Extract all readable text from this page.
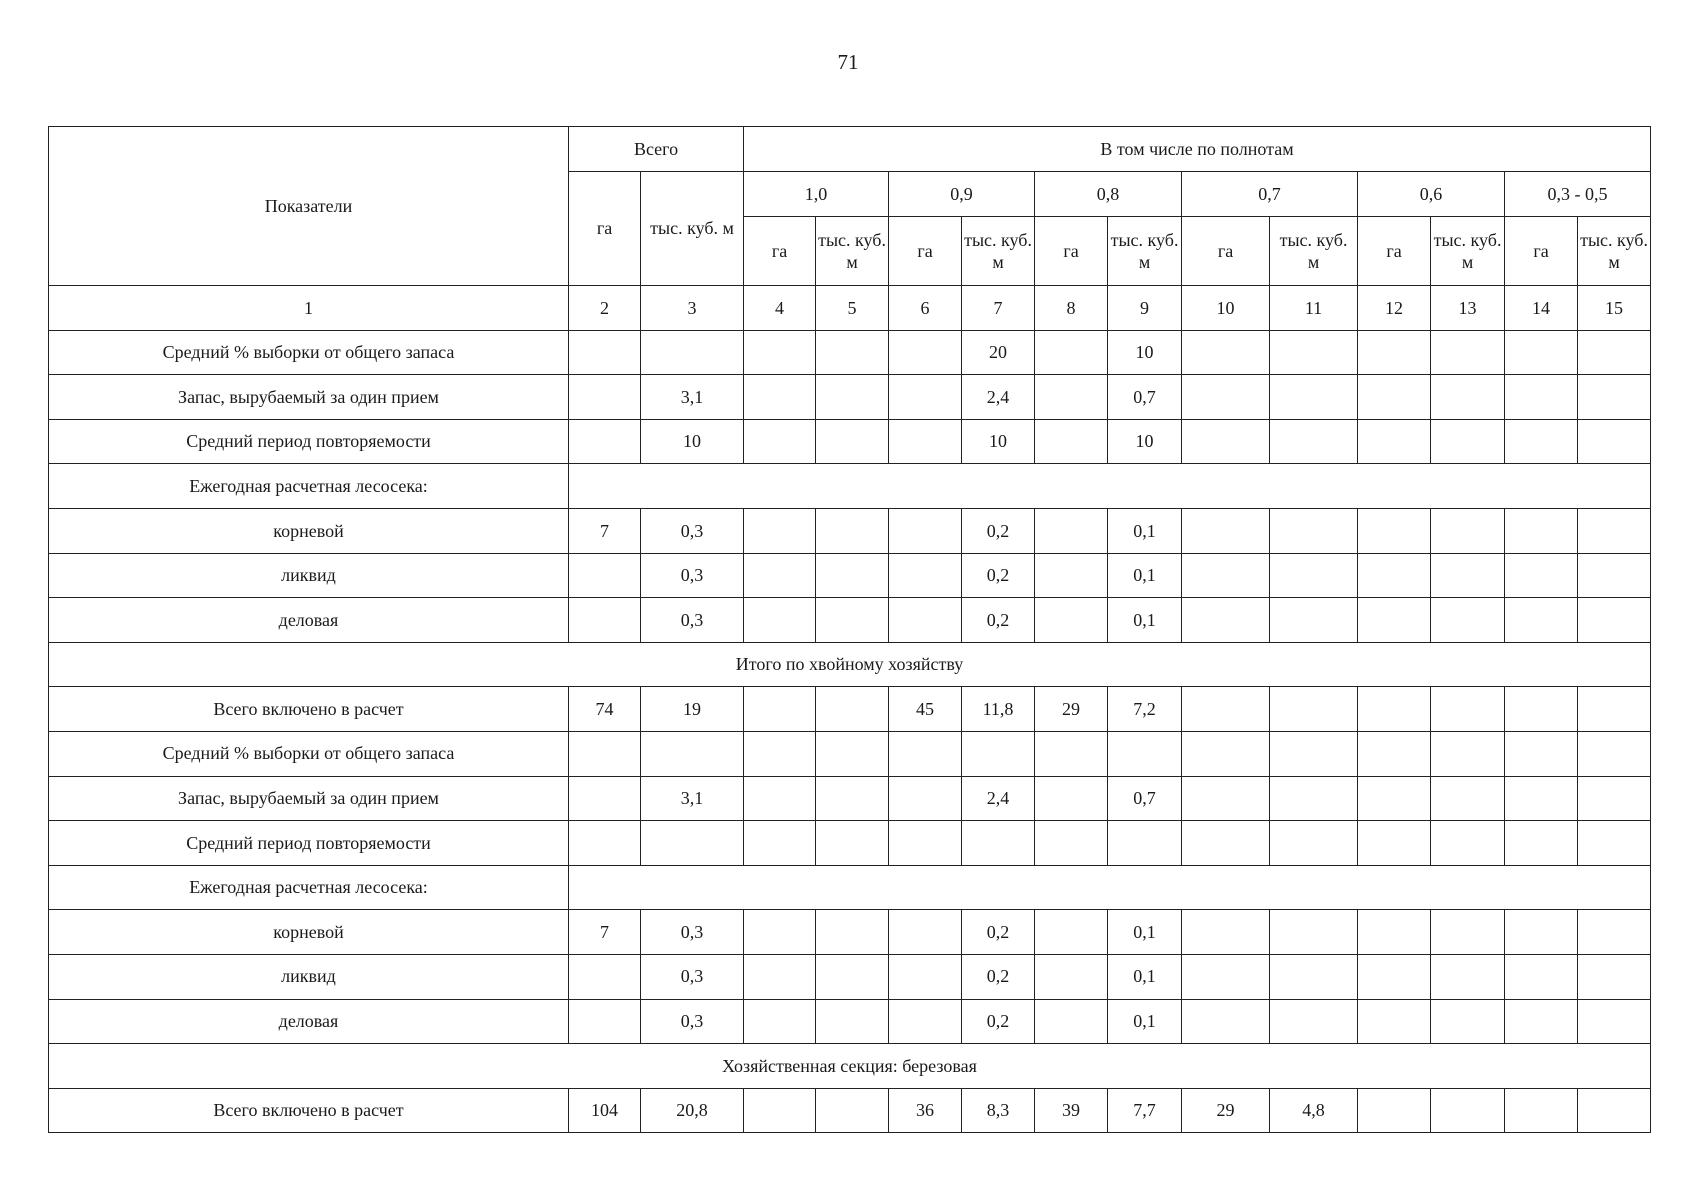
71
Показатели	Всего		В том числе по полнотам											
	га	тыс. куб. м	1,0		0,9		0,8		0,7		0,6		0,3 - 0,5	
			га	тыс. куб. м	га	тыс. куб. м	га	тыс. куб. м	га	тыс. куб. м	га	тыс. куб. м	га	тыс. куб. м
1	2	3	4	5	6	7	8	9	10	11	12	13	14	15
Средний % выборки от общего запаса						20		10						
Запас, вырубаемый за один прием		3,1				2,4		0,7						
Средний период повторяемости		10				10		10						
Ежегодная расчетная лесосека:														
корневой	7	0,3				0,2		0,1						
ликвид		0,3				0,2		0,1						
деловая		0,3				0,2		0,1						
Итого по хвойному хозяйству														
Всего включено в расчет	74	19			45	11,8	29	7,2						
Средний % выборки от общего запаса														
Запас, вырубаемый за один прием		3,1				2,4		0,7						
Средний период повторяемости														
Ежегодная расчетная лесосека:														
корневой	7	0,3				0,2		0,1						
ликвид		0,3				0,2		0,1						
деловая		0,3				0,2		0,1						
Хозяйственная секция: березовая														
Всего включено в расчет	104	20,8			36	8,3	39	7,7	29	4,8				
